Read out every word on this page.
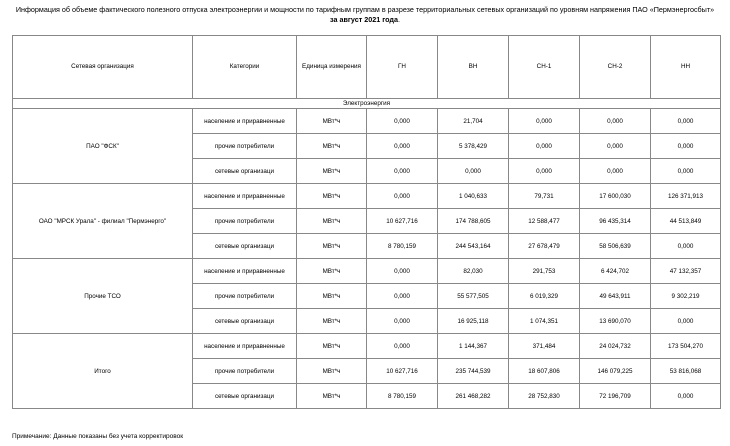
Информация об объеме фактического полезного отпуска электроэнергии и мощности по тарифным группам в разрезе территориальных сетевых организаций по уровням напряжения ПАО «Пермэнергосбыт»
за август 2021 года.
Сетевая организация	Категории	Единица измерения	ГН	ВН	СН-1	СН-2	НН
Электроэнергия							
ПАО "ФСК"	население и приравненные	МВт*ч	0,000	21,704	0,000	0,000	0,000
	прочие потребители	МВт*ч	0,000	5 378,429	0,000	0,000	0,000
	сетевые организаци	МВт*ч	0,000	0,000	0,000	0,000	0,000
ОАО "МРСК Урала" - филиал "Пермэнерго"	население и приравненные	МВт*ч	0,000	1 040,633	79,731	17 600,030	126 371,913
	прочие потребители	МВт*ч	10 627,716	174 788,605	12 588,477	96 435,314	44 513,849
	сетевые организаци	МВт*ч	8 780,159	244 543,164	27 678,479	58 506,639	0,000
Прочие ТСО	население и приравненные	МВт*ч	0,000	82,030	291,753	6 424,702	47 132,357
	прочие потребители	МВт*ч	0,000	55 577,505	6 019,329	49 643,911	9 302,219
	сетевые организаци	МВт*ч	0,000	16 925,118	1 074,351	13 690,070	0,000
Итого	население и приравненные	МВт*ч	0,000	1 144,367	371,484	24 024,732	173 504,270
	прочие потребители	МВт*ч	10 627,716	235 744,539	18 607,806	146 079,225	53 816,068
	сетевые организаци	МВт*ч	8 780,159	261 468,282	28 752,830	72 196,709	0,000
Примечание: Данные показаны без учета корректировок
